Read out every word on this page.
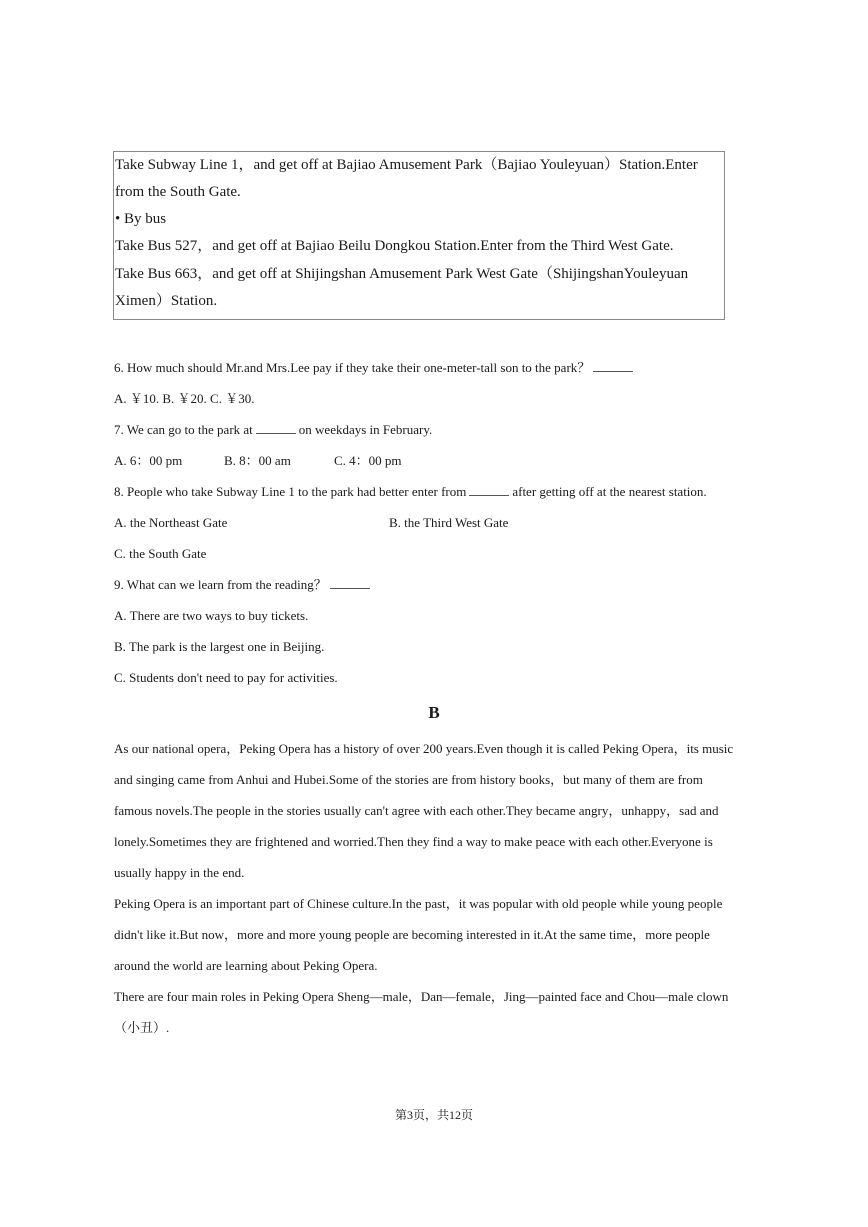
Take Subway Line 1，and get off at Bajiao Amusement Park（Bajiao Youleyuan）Station.Enter
from the South Gate.
• By bus
Take Bus 527，and get off at Bajiao Beilu Dongkou Station.Enter from the Third West Gate.
Take Bus 663，and get off at Shijingshan Amusement Park West Gate（ShijingshanYouleyuan
Ximen）Station.
6. How much should Mr.and Mrs.Lee pay if they take their one-meter-tall son to the park？
A. ￥10. B. ￥20. C. ￥30.
7. We can go to the park at	on weekdays in February.
A. 6：00 pm	B. 8：00 am	C. 4：00 pm
8. People who take Subway Line 1 to the park had better enter from	after getting off at the nearest station.
A. the Northeast Gate	B. the Third West Gate
C. the South Gate
9. What can we learn from the reading？
A. There are two ways to buy tickets.
B. The park is the largest one in Beijing.
C. Students don't need to pay for activities.
B
As our national opera，Peking Opera has a history of over 200 years.Even though it is called Peking Opera，its music
and singing came from Anhui and Hubei.Some of the stories are from history books，but many of them are from
famous novels.The people in the stories usually can't agree with each other.They became angry，unhappy，sad and
lonely.Sometimes they are frightened and worried.Then they find a way to make peace with each other.Everyone is
usually happy in the end.
Peking Opera is an important part of Chinese culture.In the past，it was popular with old people while young people
didn't like it.But now，more and more young people are becoming interested in it.At the same time，more people
around the world are learning about Peking Opera.
There are four main roles in Peking Opera Sheng—male，Dan—female，Jing—painted face and Chou—male clown
（小丑）.
第3页，共12页
